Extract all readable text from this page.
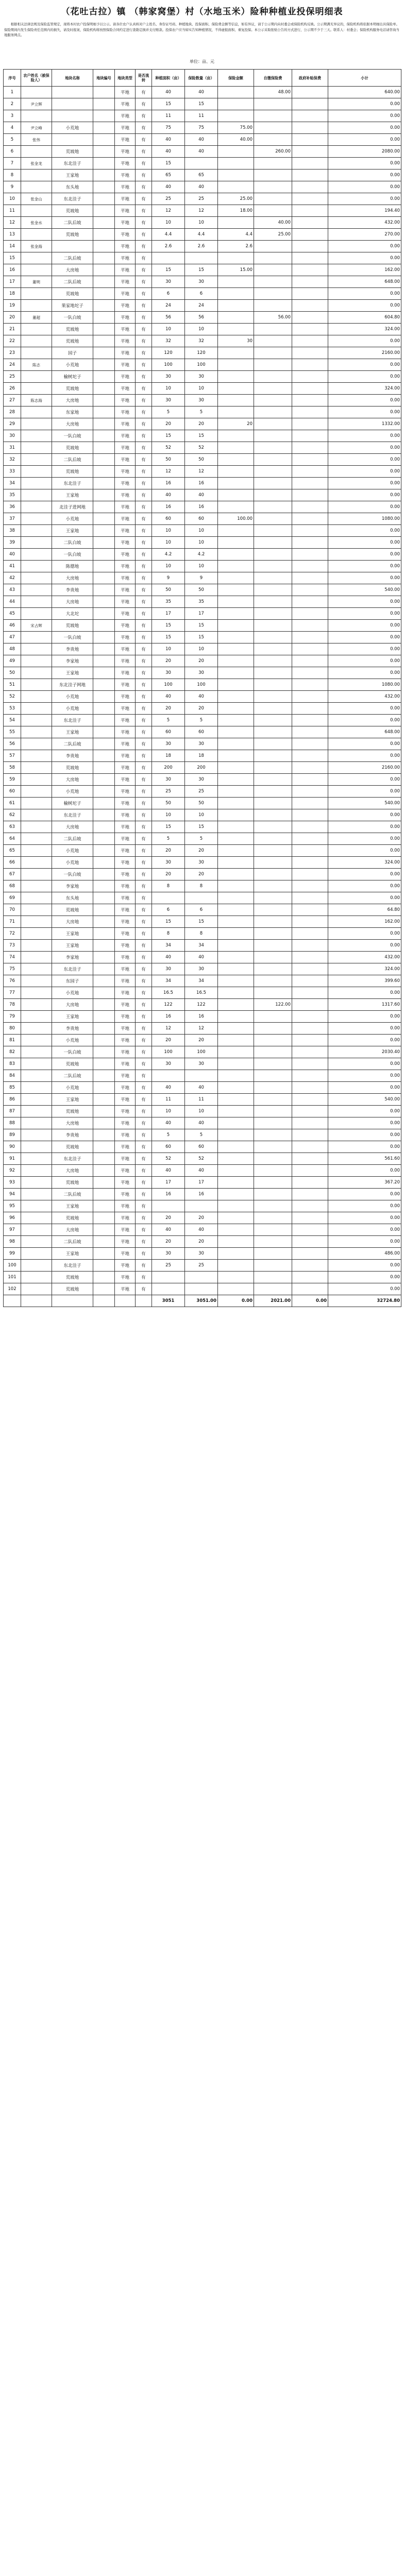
（花吐古拉）镇 （韩家窝堡）村（水地玉米）险种种植业投保明细表
根据相关法律法规及保险监管规定，现将本村农户投保明细予以公示。请各位农户认真核对户主姓名、身份证号码、种植地块、投保面积、保险费金额等信息，如有异议，请于公示期内向村委会或保险机构反映。公示期满无异议的，保险机构将依据本明细出具保险单。保险期间内发生保险责任范围内的损失，请及时报案，保险机构将按照保险合同约定进行查勘定损并支付赔款。投保农户应当如实告知种植情况，不得虚报面积、重复投保。本公示采取张贴公告的方式进行，公示期不少于三天。联系人：村委会；保险机构服务电话请咨询当地服务网点。
单位：亩、元
序号	农户姓名（被保险人）	地块名称	地块编号	地块类型	是否流转	种植面积（亩）	保险数量（亩）	保险金额	自缴保险费	政府补贴保费	小计
1				平地	有	40	40		48.00		640.00
2	尹立辉			平地	有	15	15				0.00
3				平地	有	11	11				0.00
4	尹立峰	小荒地		平地	有	75	75	75.00			0.00
5	张伟			平地	有	40	40	40.00			0.00
6		荒坡地		平地	有	40	40		260.00		2080.00
7	张金龙	东北洼子		平地	有	15					0.00
8		王家地		平地	有	65	65				0.00
9		东头地		平地	有	40	40				0.00
10	张金山	东北洼子		平地	有	25	25	25.00			0.00
11		荒坡地		平地	有	12	12	18.00			194.40
12	张金水	二队后坡		平地	有	10	10		40.00		432.00
13		荒坡地		平地	有	4.4	4.4	4.4	25.00		270.00
14	张金海			平地	有	2.6	2.6	2.6			0.00
15		二队后坡		平地	有						0.00
16		大房地		平地	有	15	15	15.00			162.00
17	董明	二队后坡		平地	有	30	30				648.00
18		荒坡地		平地	有	6	6				0.00
19		果家地坨子		平地	有	24	24				0.00
20	董超	一队白坡		平地	有	56	56		56.00		604.80
21		荒坡地		平地	有	10	10				324.00
22		荒坡地		平地	有	32	32	30			0.00
23		园子		平地	有	120	120				2160.00
24	陈志	小荒地		平地	有	100	100				0.00
25		榆树坨子		平地	有	30	30				0.00
26		荒坡地		平地	有	10	10				324.00
27	陈志海	大房地		平地	有	30	30				0.00
28		东家地		平地	有	5	5				0.00
29		大房地		平地	有	20	20	20			1332.00
30		一队白坡		平地	有	15	15				0.00
31		荒坡地		平地	有	52	52				0.00
32		二队后坡		平地	有	50	50				0.00
33		荒坡地		平地	有	12	12				0.00
34		东北洼子		平地	有	16	16				0.00
35		王家地		平地	有	40	40				0.00
36		北洼子进网地		平地	有	16	16				0.00
37		小荒地		平地	有	60	60	100.00			1080.00
38		王家地		平地	有	10	10				0.00
39		二队白坡		平地	有	10	10				0.00
40		一队白坡		平地	有	4.2	4.2				0.00
41		陈德地		平地	有	10	10				0.00
42		大房地		平地	有	9	9				0.00
43		李贵地		平地	有	50	50				540.00
44		大房地		平地	有	35	35				0.00
45		大北坨		平地	有	17	17				0.00
46	宋占辉	荒坡地		平地	有	15	15				0.00
47		一队白坡		平地	有	15	15				0.00
48		李贵地		平地	有	10	10				0.00
49		李家地		平地	有	20	20				0.00
50		王家地		平地	有	30	30				0.00
51		东北洼子网地		平地	有	100	100				1080.00
52		小荒地		平地	有	40	40				432.00
53		小荒地		平地	有	20	20				0.00
54		东北洼子		平地	有	5	5				0.00
55		王家地		平地	有	60	60				648.00
56		二队后坡		平地	有	30	30				0.00
57		李贵地		平地	有	18	18				0.00
58		荒坡地		平地	有	200	200				2160.00
59		大房地		平地	有	30	30				0.00
60		小荒地		平地	有	25	25				0.00
61		榆树坨子		平地	有	50	50				540.00
62		东北洼子		平地	有	10	10				0.00
63		大房地		平地	有	15	15				0.00
64		二队后坡		平地	有	5	5				0.00
65		小荒地		平地	有	20	20				0.00
66		小荒地		平地	有	30	30				324.00
67		一队白坡		平地	有	20	20				0.00
68		李家地		平地	有	8	8				0.00
69		东头地		平地	有						0.00
70		荒坡地		平地	有	6	6				64.80
71		大房地		平地	有	15	15				162.00
72		王家地		平地	有	8	8				0.00
73		王家地		平地	有	34	34				0.00
74		李家地		平地	有	40	40				432.00
75		东北洼子		平地	有	30	30				324.00
76		东园子		平地	有	34	34				399.60
77		小荒地		平地	有	16.5	16.5				0.00
78		大房地		平地	有	122	122		122.00		1317.60
79		王家地		平地	有	16	16				0.00
80		李贵地		平地	有	12	12				0.00
81		小荒地		平地	有	20	20				0.00
82		一队白坡		平地	有	100	100				2030.40
83		荒坡地		平地	有	30	30				0.00
84		二队后坡		平地	有						0.00
85		小荒地		平地	有	40	40				0.00
86		王家地		平地	有	11	11				540.00
87		荒坡地		平地	有	10	10				0.00
88		大房地		平地	有	40	40				0.00
89		李贵地		平地	有	5	5				0.00
90		荒坡地		平地	有	60	60				0.00
91		东北洼子		平地	有	52	52				561.60
92		大房地		平地	有	40	40				0.00
93		荒坡地		平地	有	17	17				367.20
94		二队后坡		平地	有	16	16				0.00
95		王家地		平地	有						0.00
96		荒坡地		平地	有	20	20				0.00
97		大房地		平地	有	40	40				0.00
98		二队后坡		平地	有	20	20				0.00
99		王家地		平地	有	30	30				486.00
100		东北洼子		平地	有	25	25				0.00
101		荒坡地		平地	有						0.00
102		荒坡地		平地	有						0.00
						3051	3051.00	0.00	2021.00	0.00	32724.80
